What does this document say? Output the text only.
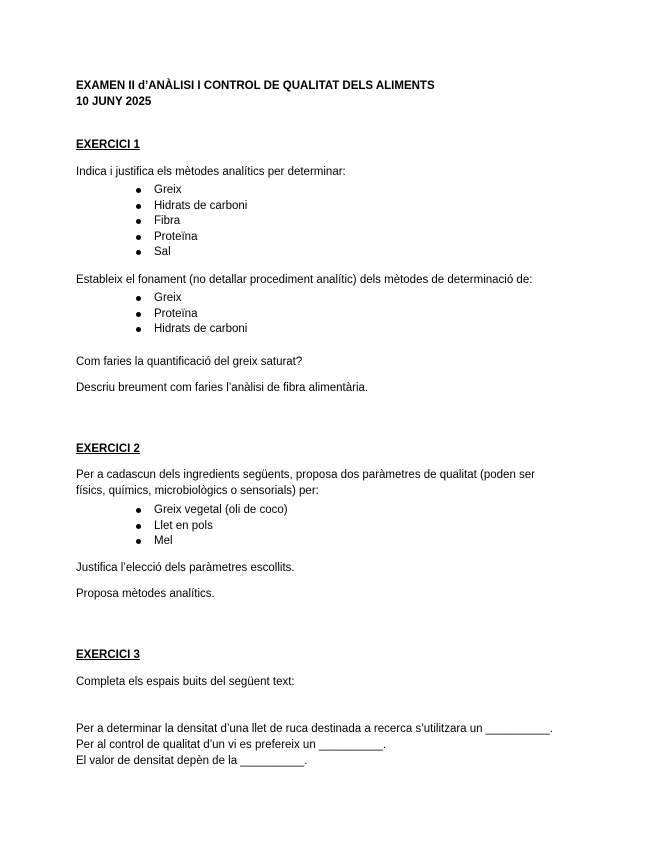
EXAMEN II d’ANÀLISI I CONTROL DE QUALITAT DELS ALIMENTS
10 JUNY 2025
EXERCICI 1
Indica i justifica els mètodes analítics per determinar:
Greix
Hidrats de carboni
Fibra
Proteïna
Sal
Estableix el fonament (no detallar procediment analític) dels mètodes de determinació de:
Greix
Proteïna
Hidrats de carboni
Com faries la quantificació del greix saturat?
Descriu breument com faries l’anàlisi de fibra alimentària.
EXERCICI 2
Per a cadascun dels ingredients següents, proposa dos paràmetres de qualitat (poden ser físics, químics, microbiològics o sensorials) per:
Greix vegetal (oli de coco)
Llet en pols
Mel
Justifica l’elecció dels paràmetres escollits.
Proposa mètodes analítics.
EXERCICI 3
Completa els espais buits del següent text:
Per a determinar la densitat d’una llet de ruca destinada a recerca s’utilitzara un __________.
Per al control de qualitat d’un vi es prefereix un __________.
El valor de densitat depèn de la __________.
